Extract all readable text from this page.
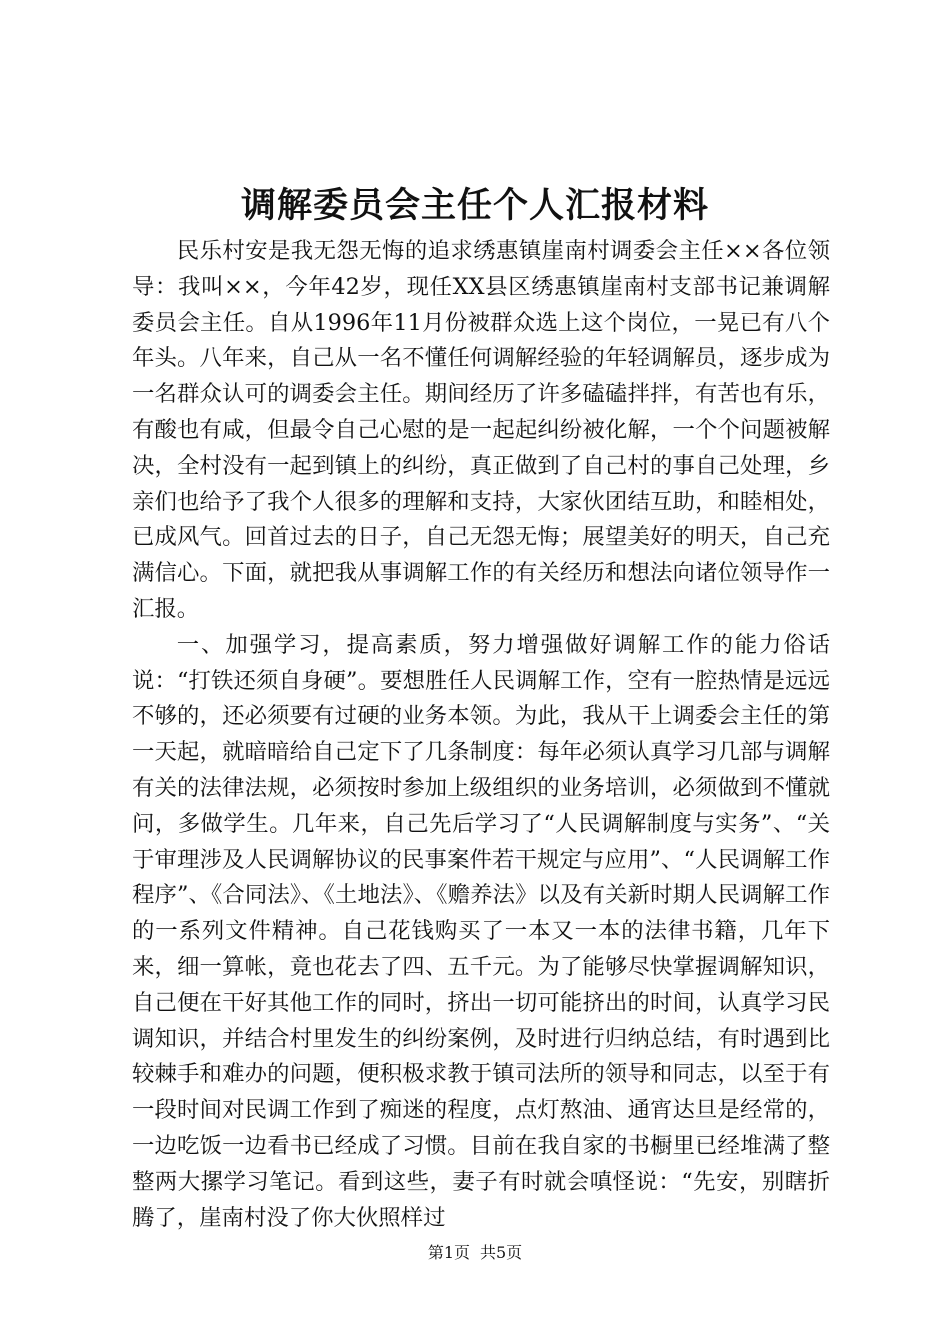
调解委员会主任个人汇报材料

民乐村安是我无怨无悔的追求绣惠镇崖南村调委会主任××各位领导：我叫××，今年42岁，现任XX县区绣惠镇崖南村支部书记兼调解委员会主任。自从1996年11月份被群众选上这个岗位，一晃已有八个年头。八年来，自己从一名不懂任何调解经验的年轻调解员，逐步成为一名群众认可的调委会主任。期间经历了许多磕磕拌拌，有苦也有乐，有酸也有咸，但最令自己心慰的是一起起纠纷被化解，一个个问题被解决，全村没有一起到镇上的纠纷，真正做到了自己村的事自己处理，乡亲们也给予了我个人很多的理解和支持，大家伙团结互助，和睦相处，已成风气。回首过去的日子，自己无怨无悔；展望美好的明天，自己充满信心。下面，就把我从事调解工作的有关经历和想法向诸位领导作一汇报。

一、加强学习，提高素质，努力增强做好调解工作的能力俗话说：“打铁还须自身硬”。要想胜任人民调解工作，空有一腔热情是远远不够的，还必须要有过硬的业务本领。为此，我从干上调委会主任的第一天起，就暗暗给自己定下了几条制度：每年必须认真学习几部与调解有关的法律法规，必须按时参加上级组织的业务培训，必须做到不懂就问，多做学生。几年来，自己先后学习了“人民调解制度与实务”、“关于审理涉及人民调解协议的民事案件若干规定与应用”、“人民调解工作程序”、《合同法》、《土地法》、《赡养法》以及有关新时期人民调解工作的一系列文件精神。自己花钱购买了一本又一本的法律书籍，几年下来，细一算帐，竟也花去了四、五千元。为了能够尽快掌握调解知识，自己便在干好其他工作的同时，挤出一切可能挤出的时间，认真学习民调知识，并结合村里发生的纠纷案例，及时进行归纳总结，有时遇到比较棘手和难办的问题，便积极求教于镇司法所的领导和同志，以至于有一段时间对民调工作到了痴迷的程度，点灯熬油、通宵达旦是经常的，一边吃饭一边看书已经成了习惯。目前在我自家的书橱里已经堆满了整整两大摞学习笔记。看到这些，妻子有时就会嗔怪说：“先安，别瞎折腾了，崖南村没了你大伙照样过

第1页 共5页
